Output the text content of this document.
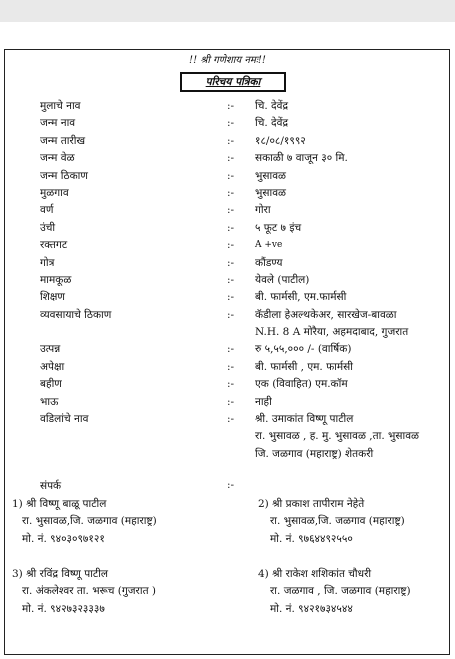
!! श्री गणेशाय नमः!!
परिचय पत्रिका
मुलाचे नाव	:- चि. देवेंद्र
जन्म नाव	:- चि. देवेंद्र
जन्म तारीख	:- १८/०८/१९९२
जन्म वेळ	:- सकाळी ७ वाजून ३० मि.
जन्म ठिकाण	:- भुसावळ
मुळगाव	:- भुसावळ
वर्ण	:- गोरा
उंची	:- ५ फूट ७ इंच
रक्तगट	:- A +ve
गोत्र	:- कौंडण्य
मामकूळ	:- येवले (पाटील)
शिक्षण	:- बी. फार्मसी, एम.फार्मसी
व्यवसायाचे ठिकाण	:- कॅडीला हेअल्थकेअर, सारखेज-बावळा
N.H. 8 A मोरैया, अहमदाबाद, गुजरात
उत्पन्न	:- रु ५,५५,००० /- (वार्षिक)
अपेक्षा	:- बी. फार्मसी , एम. फार्मसी
बहीण	:- एक (विवाहित) एम.कॉम
भाऊ	:- नाही
वडिलांचे नाव	:- श्री. उमाकांत विष्णू पाटील
रा. भुसावळ , ह. मु. भुसावळ ,ता. भुसावळ
जि. जळगाव (महाराष्ट्र) शेतकरी
संपर्क	:-
1) श्री विष्णू बाळू पाटील
रा. भुसावळ,जि. जळगाव (महाराष्ट्र)
मो. नं. ९४०३०९७१२१
2) श्री प्रकाश तापीराम नेहेते
रा. भुसावळ,जि. जळगाव (महाराष्ट्र)
मो. नं. ९७६४४९२५५०
3) श्री रविंद्र विष्णू पाटील
रा. अंकलेश्वर ता. भरूच (गुजरात )
मो. नं. ९४२७३२३३३७
4) श्री राकेश शशिकांत चौधरी
रा. जळगाव , जि. जळगाव (महाराष्ट्र)
मो. नं. ९४२१७३४५४४
